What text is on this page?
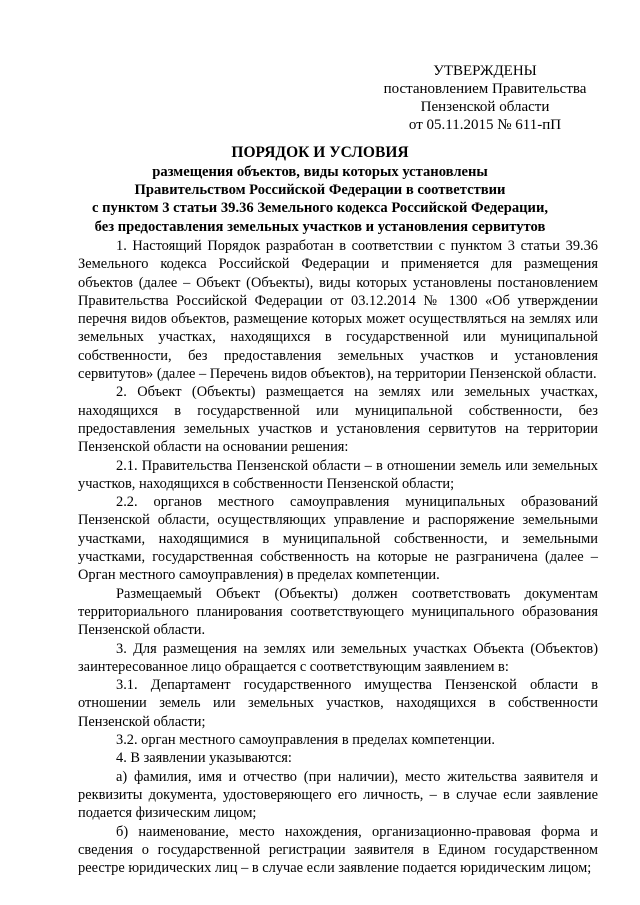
УТВЕРЖДЕНЫ
постановлением Правительства
Пензенской области
от 05.11.2015 № 611-пП
ПОРЯДОК И УСЛОВИЯ
размещения объектов, виды которых установлены
Правительством Российской Федерации в соответствии
с пунктом 3 статьи 39.36 Земельного кодекса Российской Федерации,
без предоставления земельных участков и установления сервитутов

1. Настоящий Порядок разработан в соответствии с пунктом 3 статьи 39.36 Земельного кодекса Российской Федерации и применяется для размещения объектов (далее – Объект (Объекты), виды которых установлены постановлением Правительства Российской Федерации от 03.12.2014 № 1300 «Об утверждении перечня видов объектов, размещение которых может осуществляться на землях или земельных участках, находящихся в государственной или муниципальной собственности, без предоставления земельных участков и установления сервитутов» (далее – Перечень видов объектов), на территории Пензенской области.

2. Объект (Объекты) размещается на землях или земельных участках, находящихся в государственной или муниципальной собственности, без предоставления земельных участков и установления сервитутов на территории Пензенской области на основании решения:

2.1. Правительства Пензенской области – в отношении земель или земельных участков, находящихся в собственности Пензенской области;

2.2. органов местного самоуправления муниципальных образований Пензенской области, осуществляющих управление и распоряжение земельными участками, находящимися в муниципальной собственности, и земельными участками, государственная собственность на которые не разграничена (далее – Орган местного самоуправления) в пределах компетенции.

Размещаемый Объект (Объекты) должен соответствовать документам территориального планирования соответствующего муниципального образования Пензенской области.

3. Для размещения на землях или земельных участках Объекта (Объектов) заинтересованное лицо обращается с соответствующим заявлением в:

3.1. Департамент государственного имущества Пензенской области в отношении земель или земельных участков, находящихся в собственности Пензенской области;

3.2. орган местного самоуправления в пределах компетенции.

4. В заявлении указываются:

а) фамилия, имя и отчество (при наличии), место жительства заявителя и реквизиты документа, удостоверяющего его личность, – в случае если заявление подается физическим лицом;

б) наименование, место нахождения, организационно-правовая форма и сведения о государственной регистрации заявителя в Едином государственном реестре юридических лиц – в случае если заявление подается юридическим лицом;
